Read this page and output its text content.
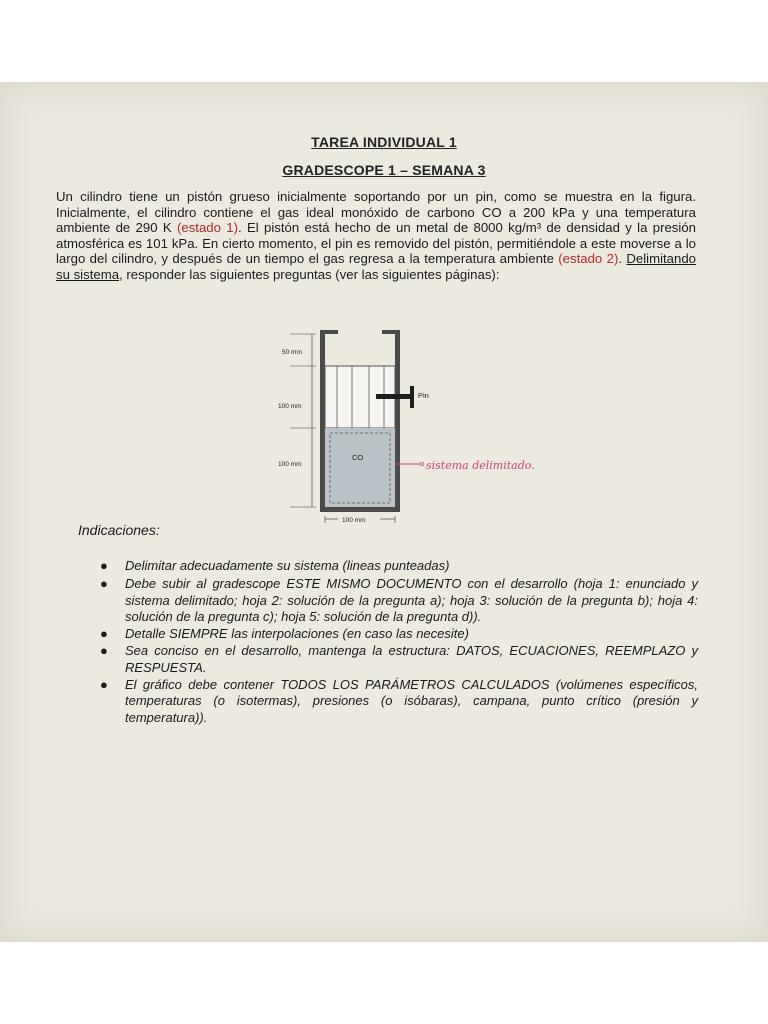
TAREA INDIVIDUAL 1
GRADESCOPE 1 – SEMANA 3

Un cilindro tiene un pistón grueso inicialmente soportando por un pin, como se muestra en la figura. Inicialmente, el cilindro contiene el gas ideal monóxido de carbono CO a 200 kPa y una temperatura ambiente de 290 K (estado 1). El pistón está hecho de un metal de 8000 kg/m³ de densidad y la presión atmosférica es 101 kPa. En cierto momento, el pin es removido del pistón, permitiéndole a este moverse a lo largo del cilindro, y después de un tiempo el gas regresa a la temperatura ambiente (estado 2). Delimitando su sistema, responder las siguientes preguntas (ver las siguientes páginas):

Pin
CO
50 mm
100 mm
100 mm
100 mm
sistema delimitado.
Indicaciones:
● Delimitar adecuadamente su sistema (lineas punteadas)
● Debe subir al gradescope ESTE MISMO DOCUMENTO con el desarrollo (hoja 1: enunciado y sistema delimitado; hoja 2: solución de la pregunta a); hoja 3: solución de la pregunta b); hoja 4: solución de la pregunta c); hoja 5: solución de la pregunta d)).
● Detalle SIEMPRE las interpolaciones (en caso las necesite)
● Sea conciso en el desarrollo, mantenga la estructura: DATOS, ECUACIONES, REEMPLAZO y RESPUESTA.
● El gráfico debe contener TODOS LOS PARÁMETROS CALCULADOS (volúmenes específicos, temperaturas (o isotermas), presiones (o isóbaras), campana, punto crítico (presión y temperatura)).
